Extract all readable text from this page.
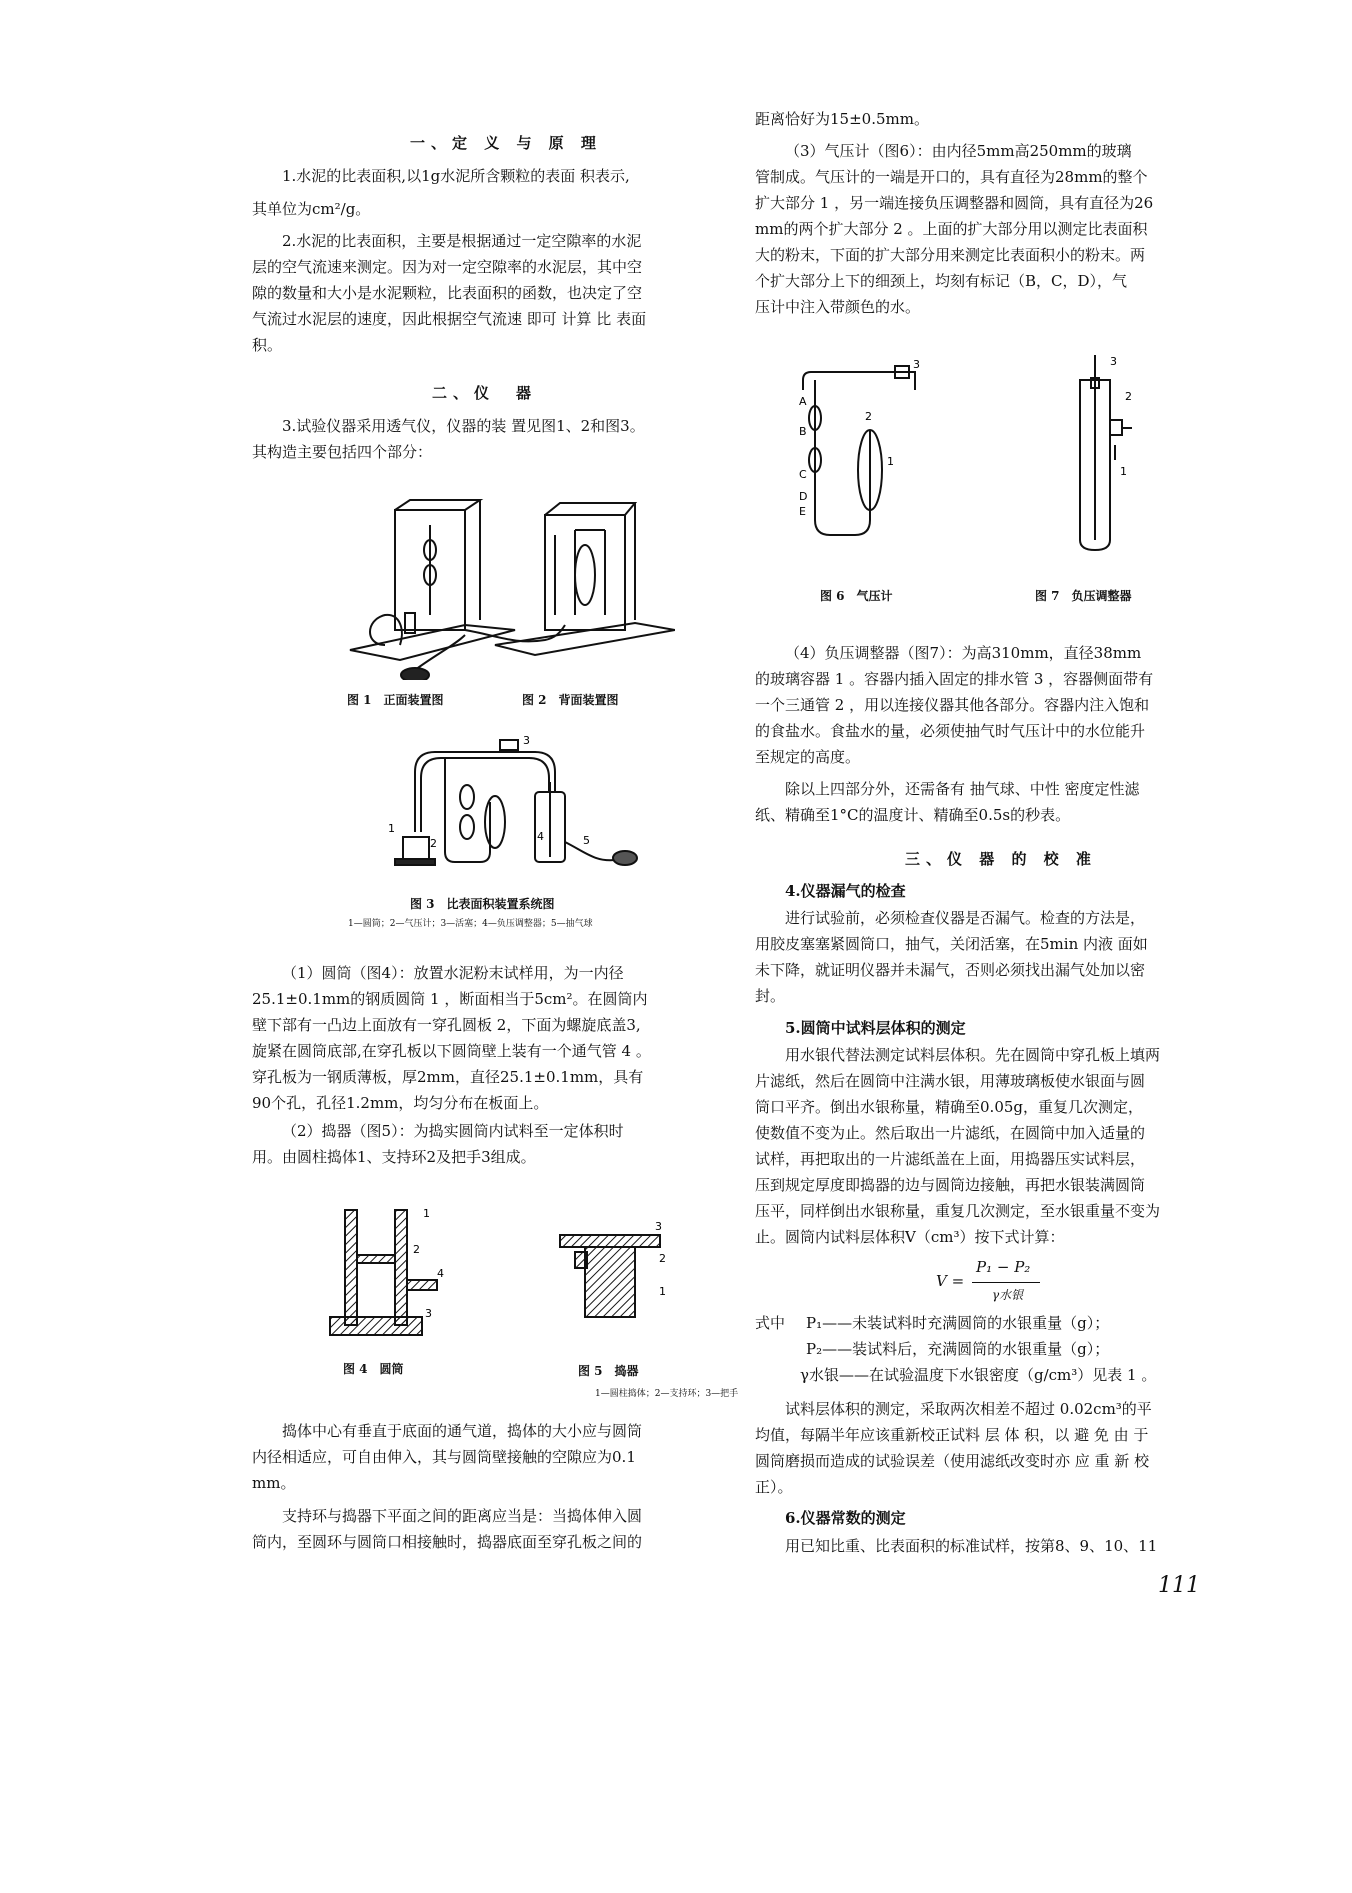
一、定 义 与 原 理
1.水泥的比表面积,以1g水泥所含颗粒的表面 积表示,
其单位为cm²/g。
2.水泥的比表面积，主要是根据通过一定空隙率的水泥
层的空气流速来测定。因为对一定空隙率的水泥层，其中空
隙的数量和大小是水泥颗粒，比表面积的函数，也决定了空
气流过水泥层的速度，因此根据空气流速 即可 计算 比 表面
积。
二、仪　器
3.试验仪器采用透气仪，仪器的装 置见图1、2和图3。
其构造主要包括四个部分：
图 1　正面装置图	图 2　背面装置图
1
2
3
4	5
图 3　比表面积装置系统图
1—圆筒；2—气压计；3—活塞；4—负压调整器；5—抽气球
（1）圆筒（图4）：放置水泥粉末试样用，为一内径
25.1±0.1mm的钢质圆筒 1 ，断面相当于5cm²。在圆筒内
壁下部有一凸边上面放有一穿孔圆板 2，下面为螺旋底盖3,
旋紧在圆筒底部,在穿孔板以下圆筒壁上装有一个通气管 4 。
穿孔板为一钢质薄板，厚2mm，直径25.1±0.1mm，具有
90个孔，孔径1.2mm，均匀分布在板面上。
（2）捣器（图5）：为捣实圆筒内试料至一定体积时
用。由圆柱捣体1、支持环2及把手3组成。
1
2
4
3
图 4　圆筒
3
2
1
图 5　捣器
1—圆柱捣体；2—支持环；3—把手
捣体中心有垂直于底面的通气道，捣体的大小应与圆筒
内径相适应，可自由伸入，其与圆筒壁接触的空隙应为0.1
mm。
支持环与捣器下平面之间的距离应当是：当捣体伸入圆
筒内，至圆环与圆筒口相接触时，捣器底面至穿孔板之间的
距离恰好为15±0.5mm。
（3）气压计（图6）：由内径5mm高250mm的玻璃
管制成。气压计的一端是开口的，具有直径为28mm的整个
扩大部分 1 ，另一端连接负压调整器和圆筒，具有直径为26
mm的两个扩大部分 2 。上面的扩大部分用以测定比表面积
大的粉末，下面的扩大部分用来测定比表面积小的粉末。两
个扩大部分上下的细颈上，均刻有标记（B，C，D），气
压计中注入带颜色的水。
A
B
C
D
E
2
1
3
图 6　气压计
3
2
1
图 7　负压调整器
（4）负压调整器（图7）：为高310mm，直径38mm
的玻璃容器 1 。容器内插入固定的排水管 3 ，容器侧面带有
一个三通管 2 ，用以连接仪器其他各部分。容器内注入饱和
的食盐水。食盐水的量，必须使抽气时气压计中的水位能升
至规定的高度。
除以上四部分外，还需备有 抽气球、中性 密度定性滤
纸、精确至1°C的温度计、精确至0.5s的秒表。
三、仪 器 的 校 准
4.仪器漏气的检查
进行试验前，必须检查仪器是否漏气。检查的方法是，
用胶皮塞塞紧圆筒口，抽气，关闭活塞，在5min 内液 面如
未下降，就证明仪器并未漏气，否则必须找出漏气处加以密
封。
5.圆筒中试料层体积的测定
用水银代替法测定试料层体积。先在圆筒中穿孔板上填两
片滤纸，然后在圆筒中注满水银，用薄玻璃板使水银面与圆
筒口平齐。倒出水银称量，精确至0.05g，重复几次测定，
使数值不变为止。然后取出一片滤纸，在圆筒中加入适量的
试样，再把取出的一片滤纸盖在上面，用捣器压实试料层，
压到规定厚度即捣器的边与圆筒边接触，再把水银装满圆筒
压平，同样倒出水银称量，重复几次测定，至水银重量不变为
止。圆筒内试料层体积V（cm³）按下式计算：
V =
P₁ − P₂
γ水银
式中 P₁——未装试料时充满圆筒的水银重量（g）；
P₂——装试料后，充满圆筒的水银重量（g）；
γ水银——在试验温度下水银密度（g/cm³）见表 1 。
试料层体积的测定，采取两次相差不超过 0.02cm³的平
均值，每隔半年应该重新校正试料 层 体 积，以 避 免 由 于
圆筒磨损而造成的试验误差（使用滤纸改变时亦 应 重 新 校
正）。
6.仪器常数的测定
用已知比重、比表面积的标准试样，按第8、9、10、11
111
